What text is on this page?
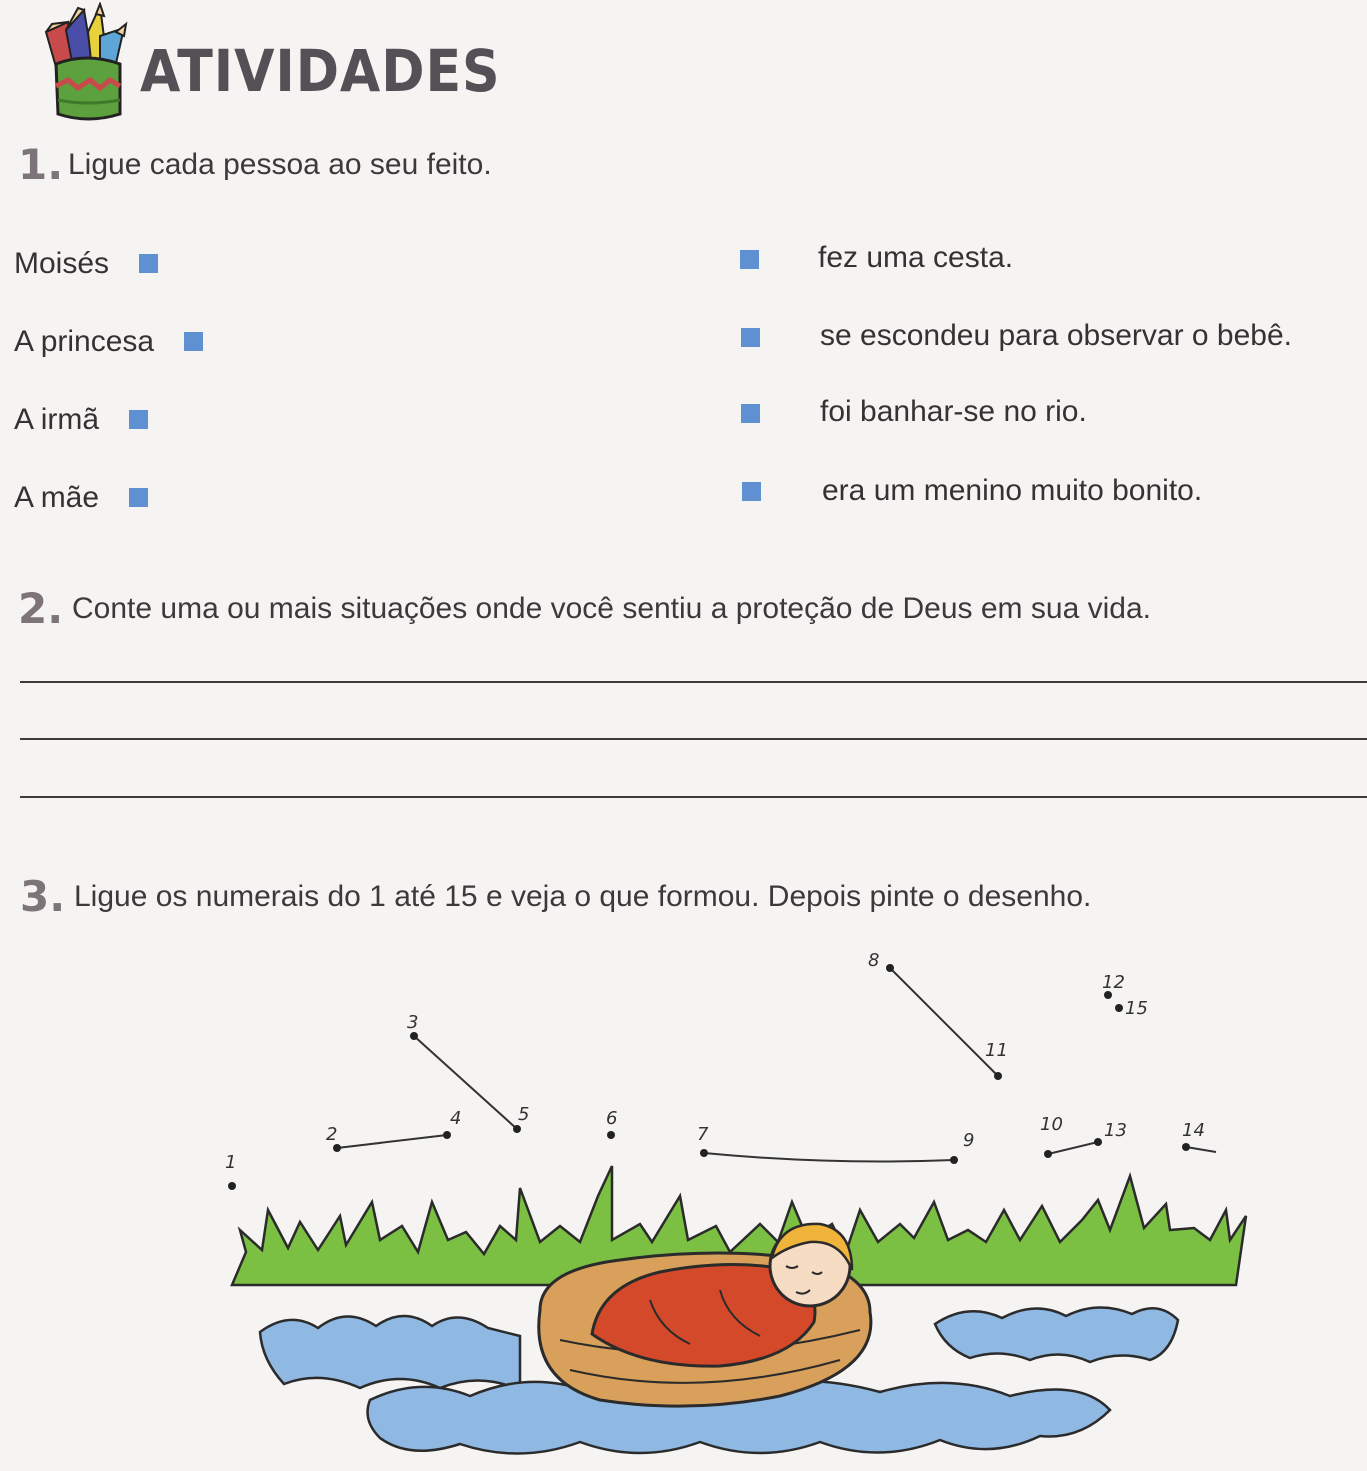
ATIVIDADES
1. Ligue cada pessoa ao seu feito.
Moisés
A princesa
A irmã
A mãe
fez uma cesta.
se escondeu para observar o bebê.
foi banhar-se no rio.
era um menino muito bonito.
2. Conte uma ou mais situações onde você sentiu a proteção de Deus em sua vida.
3. Ligue os numerais do 1 até 15 e veja o que formou. Depois pinte o desenho.
1
2
3
4	5	6
7
8
9
10
11
12
13	14
15
